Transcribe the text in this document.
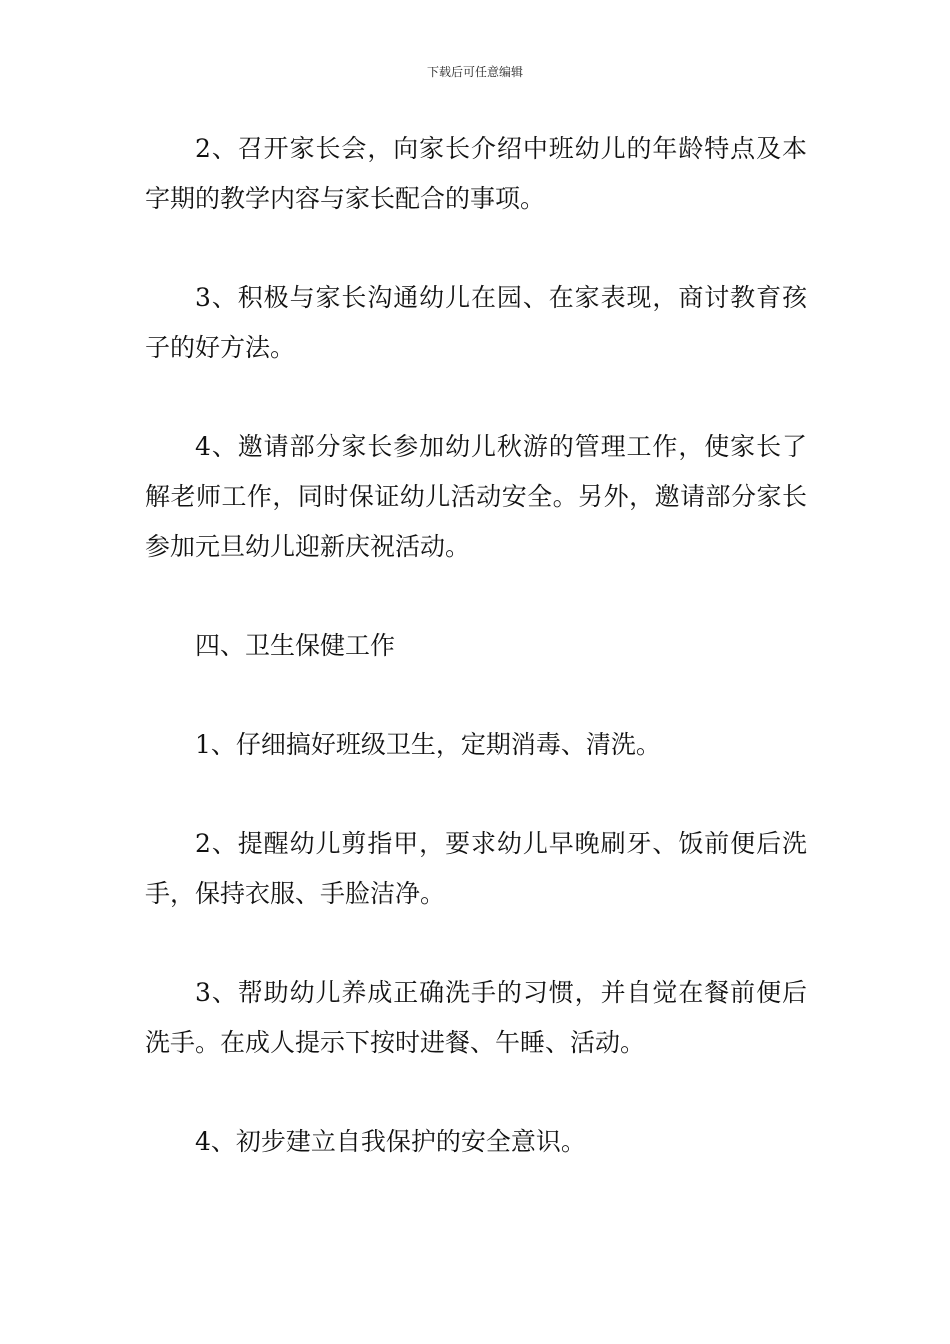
下载后可任意编辑

2、召开家长会，向家长介绍中班幼儿的年龄特点及本字期的教学内容与家长配合的事项。

3、积极与家长沟通幼儿在园、在家表现，商讨教育孩子的好方法。

4、邀请部分家长参加幼儿秋游的管理工作，使家长了解老师工作，同时保证幼儿活动安全。另外，邀请部分家长参加元旦幼儿迎新庆祝活动。

四、卫生保健工作

1、仔细搞好班级卫生，定期消毒、清洗。

2、提醒幼儿剪指甲，要求幼儿早晚刷牙、饭前便后洗手，保持衣服、手脸洁净。

3、帮助幼儿养成正确洗手的习惯，并自觉在餐前便后洗手。在成人提示下按时进餐、午睡、活动。

4、初步建立自我保护的安全意识。
